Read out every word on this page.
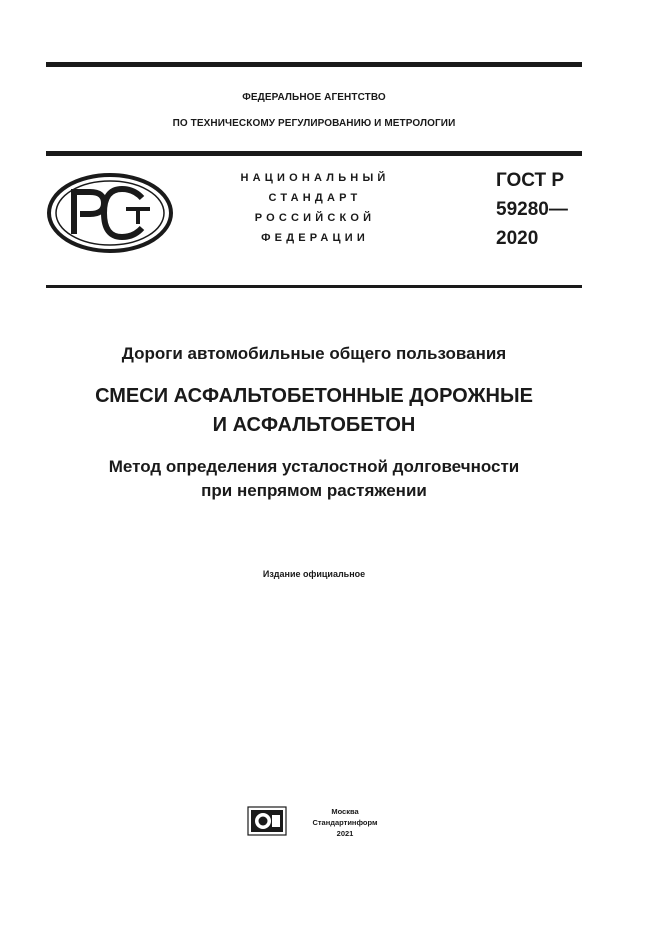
ФЕДЕРАЛЬНОЕ АГЕНТСТВО
ПО ТЕХНИЧЕСКОМУ РЕГУЛИРОВАНИЮ И МЕТРОЛОГИИ
НАЦИОНАЛЬНЫЙ
СТАНДАРТ
РОССИЙСКОЙ
ФЕДЕРАЦИИ
ГОСТ Р
59280—
2020
Дороги автомобильные общего пользования
СМЕСИ АСФАЛЬТОБЕТОННЫЕ ДОРОЖНЫЕ
И АСФАЛЬТОБЕТОН
Метод определения усталостной долговечности
при непрямом растяжении
Издание официальное
Москва
Стандартинформ
2021
